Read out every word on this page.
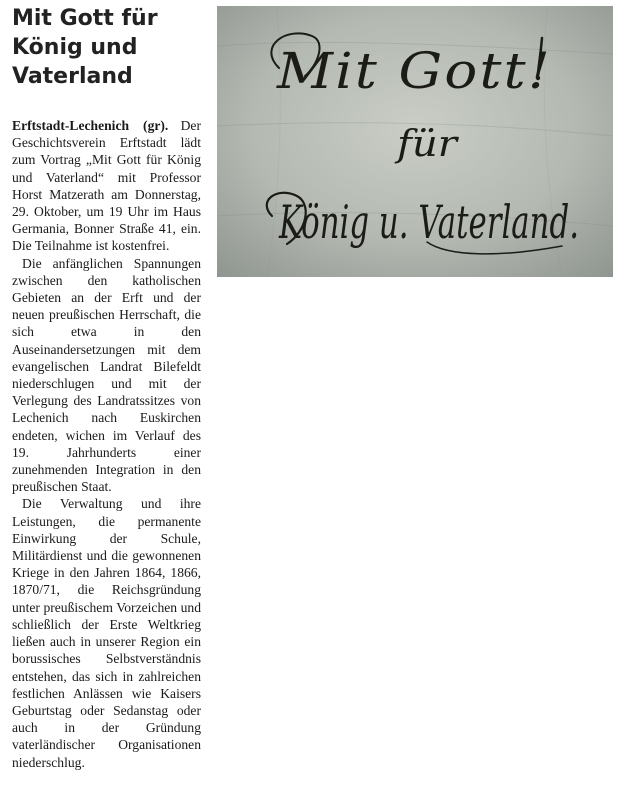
Mit Gott für König und Vaterland

Erftstadt-Lechenich (gr). Der Geschichtsverein Erftstadt lädt zum Vortrag „Mit Gott für König und Vaterland“ mit Professor Horst Matzerath am Donnerstag, 29. Oktober, um 19 Uhr im Haus Germania, Bonner Straße 41, ein. Die Teilnahme ist kostenfrei.

Die anfänglichen Spannungen zwischen den katholischen Gebieten an der Erft und der neuen preußischen Herrschaft, die sich etwa in den Auseinandersetzungen mit dem evangelischen Landrat Bilefeldt niederschlugen und mit der Verlegung des Landratssitzes von Lechenich nach Euskirchen endeten, wichen im Verlauf des 19. Jahrhunderts einer zunehmenden Integration in den preußischen Staat.

Die Verwaltung und ihre Leistungen, die permanente Einwirkung der Schule, Militärdienst und die gewonnenen Kriege in den Jahren 1864, 1866, 1870/71, die Reichsgründung unter preußischem Vorzeichen und schließlich der Erste Weltkrieg ließen auch in unserer Region ein borussisches Selbstverständnis entstehen, das sich in zahlreichen festlichen Anlässen wie Kaisers Geburtstag oder Sedanstag oder auch in der Gründung vaterländischer Organisationen niederschlug.

Mit Gott!
für
König u. Vaterland.
